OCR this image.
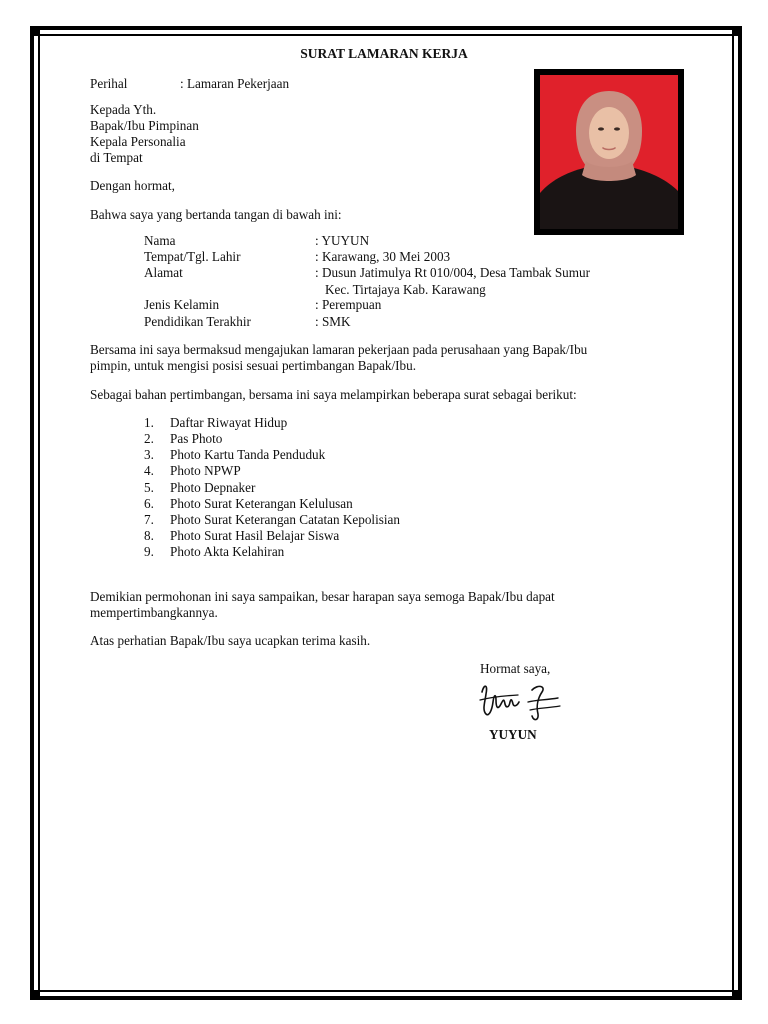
SURAT LAMARAN KERJA
Perihal	: Lamaran Pekerjaan
Kepada Yth.
Bapak/Ibu Pimpinan
Kepala Personalia
di Tempat
Dengan hormat,
Bahwa saya yang bertanda tangan di bawah ini:
Nama	: YUYUN
Tempat/Tgl. Lahir	: Karawang, 30 Mei 2003
Alamat	: Dusun Jatimulya Rt 010/004, Desa Tambak Sumur
Kec. Tirtajaya Kab. Karawang
Jenis Kelamin	: Perempuan
Pendidikan Terakhir	: SMK
Bersama ini saya bermaksud mengajukan lamaran pekerjaan pada perusahaan yang Bapak/Ibu
pimpin, untuk mengisi posisi sesuai pertimbangan Bapak/Ibu.
Sebagai bahan pertimbangan, bersama ini saya melampirkan beberapa surat sebagai berikut:
1. Daftar Riwayat Hidup
2. Pas Photo
3. Photo Kartu Tanda Penduduk
4. Photo NPWP
5. Photo Depnaker
6. Photo Surat Keterangan Kelulusan
7. Photo Surat Keterangan Catatan Kepolisian
8. Photo Surat Hasil Belajar Siswa
9. Photo Akta Kelahiran
Demikian permohonan ini saya sampaikan, besar harapan saya semoga Bapak/Ibu dapat
mempertimbangkannya.
Atas perhatian Bapak/Ibu saya ucapkan terima kasih.
Hormat saya,
YUYUN
